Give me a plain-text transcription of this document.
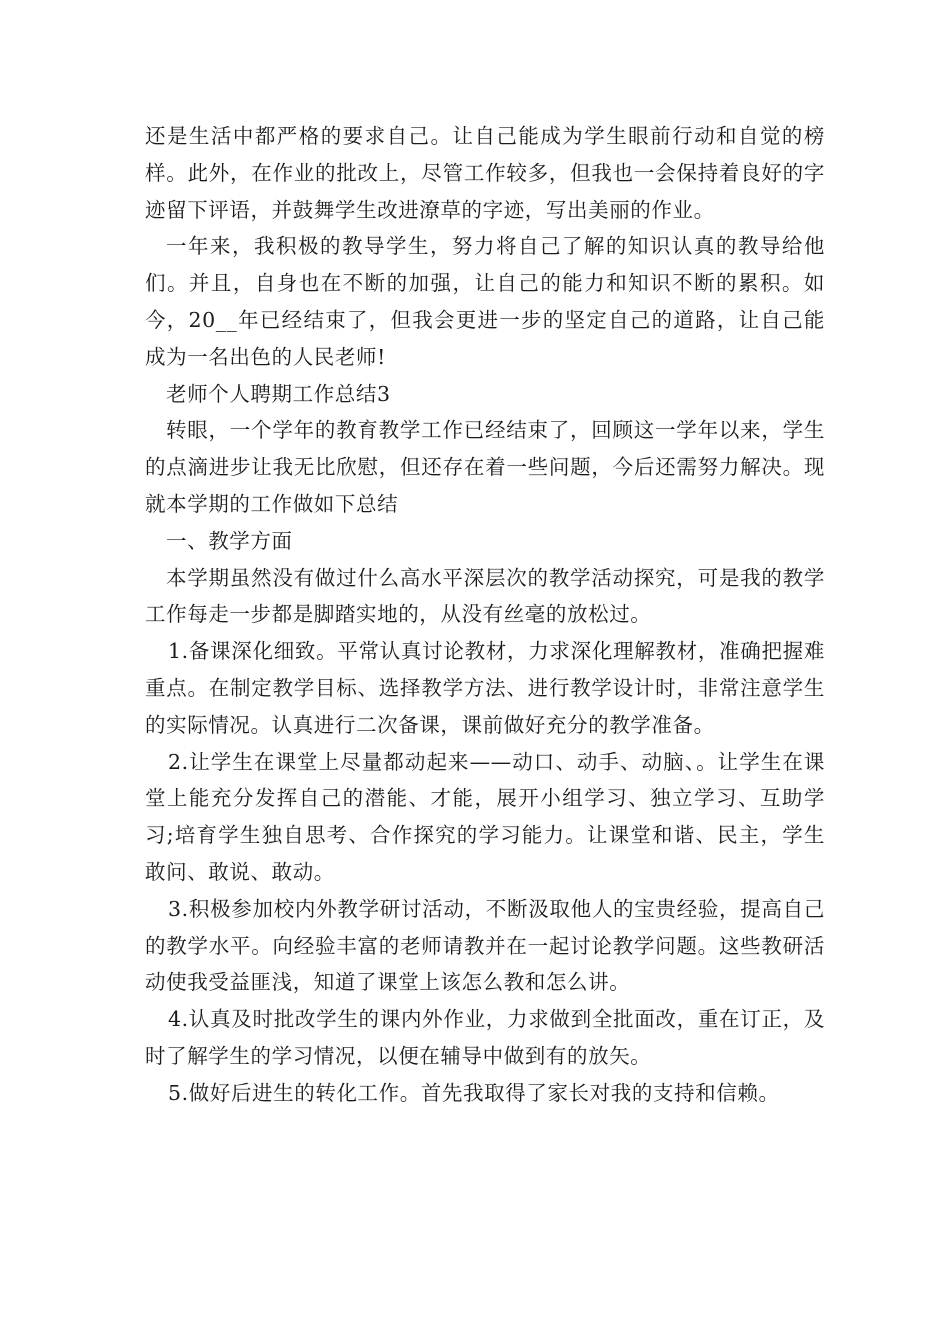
还是生活中都严格的要求自己。让自己能成为学生眼前行动和自觉的榜样。此外，在作业的批改上，尽管工作较多，但我也一会保持着良好的字迹留下评语，并鼓舞学生改进潦草的字迹，写出美丽的作业。

一年来，我积极的教导学生，努力将自己了解的知识认真的教导给他们。并且，自身也在不断的加强，让自己的能力和知识不断的累积。如今，20__年已经结束了，但我会更进一步的坚定自己的道路，让自己能成为一名出色的人民老师!

老师个人聘期工作总结3

转眼，一个学年的教育教学工作已经结束了，回顾这一学年以来，学生的点滴进步让我无比欣慰，但还存在着一些问题，今后还需努力解决。现就本学期的工作做如下总结

一、教学方面

本学期虽然没有做过什么高水平深层次的教学活动探究，可是我的教学工作每走一步都是脚踏实地的，从没有丝毫的放松过。

1.备课深化细致。平常认真讨论教材，力求深化理解教材，准确把握难重点。在制定教学目标、选择教学方法、进行教学设计时，非常注意学生的实际情况。认真进行二次备课，课前做好充分的教学准备。

2.让学生在课堂上尽量都动起来——动口、动手、动脑、。让学生在课堂上能充分发挥自己的潜能、才能，展开小组学习、独立学习、互助学习;培育学生独自思考、合作探究的学习能力。让课堂和谐、民主，学生敢问、敢说、敢动。

3.积极参加校内外教学研讨活动，不断汲取他人的宝贵经验，提高自己的教学水平。向经验丰富的老师请教并在一起讨论教学问题。这些教研活动使我受益匪浅，知道了课堂上该怎么教和怎么讲。

4.认真及时批改学生的课内外作业，力求做到全批面改，重在订正，及时了解学生的学习情况，以便在辅导中做到有的放矢。

5.做好后进生的转化工作。首先我取得了家长对我的支持和信赖。
